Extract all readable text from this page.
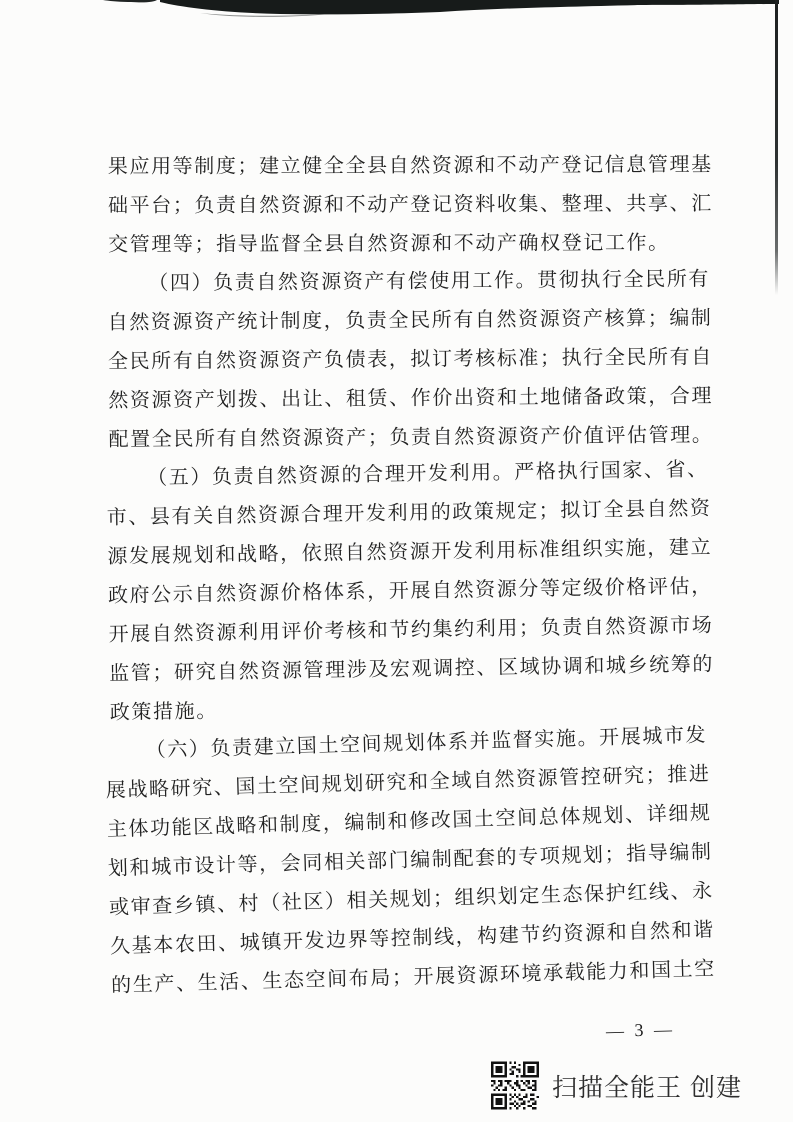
果应用等制度；建立健全全县自然资源和不动产登记信息管理基
础平台；负责自然资源和不动产登记资料收集、整理、共享、汇
交管理等；指导监督全县自然资源和不动产确权登记工作。
（四）负责自然资源资产有偿使用工作。贯彻执行全民所有
自然资源资产统计制度，负责全民所有自然资源资产核算；编制
全民所有自然资源资产负债表，拟订考核标准；执行全民所有自
然资源资产划拨、出让、租赁、作价出资和土地储备政策，合理
配置全民所有自然资源资产；负责自然资源资产价值评估管理。
（五）负责自然资源的合理开发利用。严格执行国家、省、
市、县有关自然资源合理开发利用的政策规定；拟订全县自然资
源发展规划和战略，依照自然资源开发利用标准组织实施，建立
政府公示自然资源价格体系，开展自然资源分等定级价格评估，
开展自然资源利用评价考核和节约集约利用；负责自然资源市场
监管；研究自然资源管理涉及宏观调控、区域协调和城乡统筹的
政策措施。
（六）负责建立国土空间规划体系并监督实施。开展城市发
展战略研究、国土空间规划研究和全域自然资源管控研究；推进
主体功能区战略和制度，编制和修改国土空间总体规划、详细规
划和城市设计等，会同相关部门编制配套的专项规划；指导编制
或审查乡镇、村（社区）相关规划；组织划定生态保护红线、永
久基本农田、城镇开发边界等控制线，构建节约资源和自然和谐
的生产、生活、生态空间布局；开展资源环境承载能力和国土空
— 3 —
扫描全能王 创建
